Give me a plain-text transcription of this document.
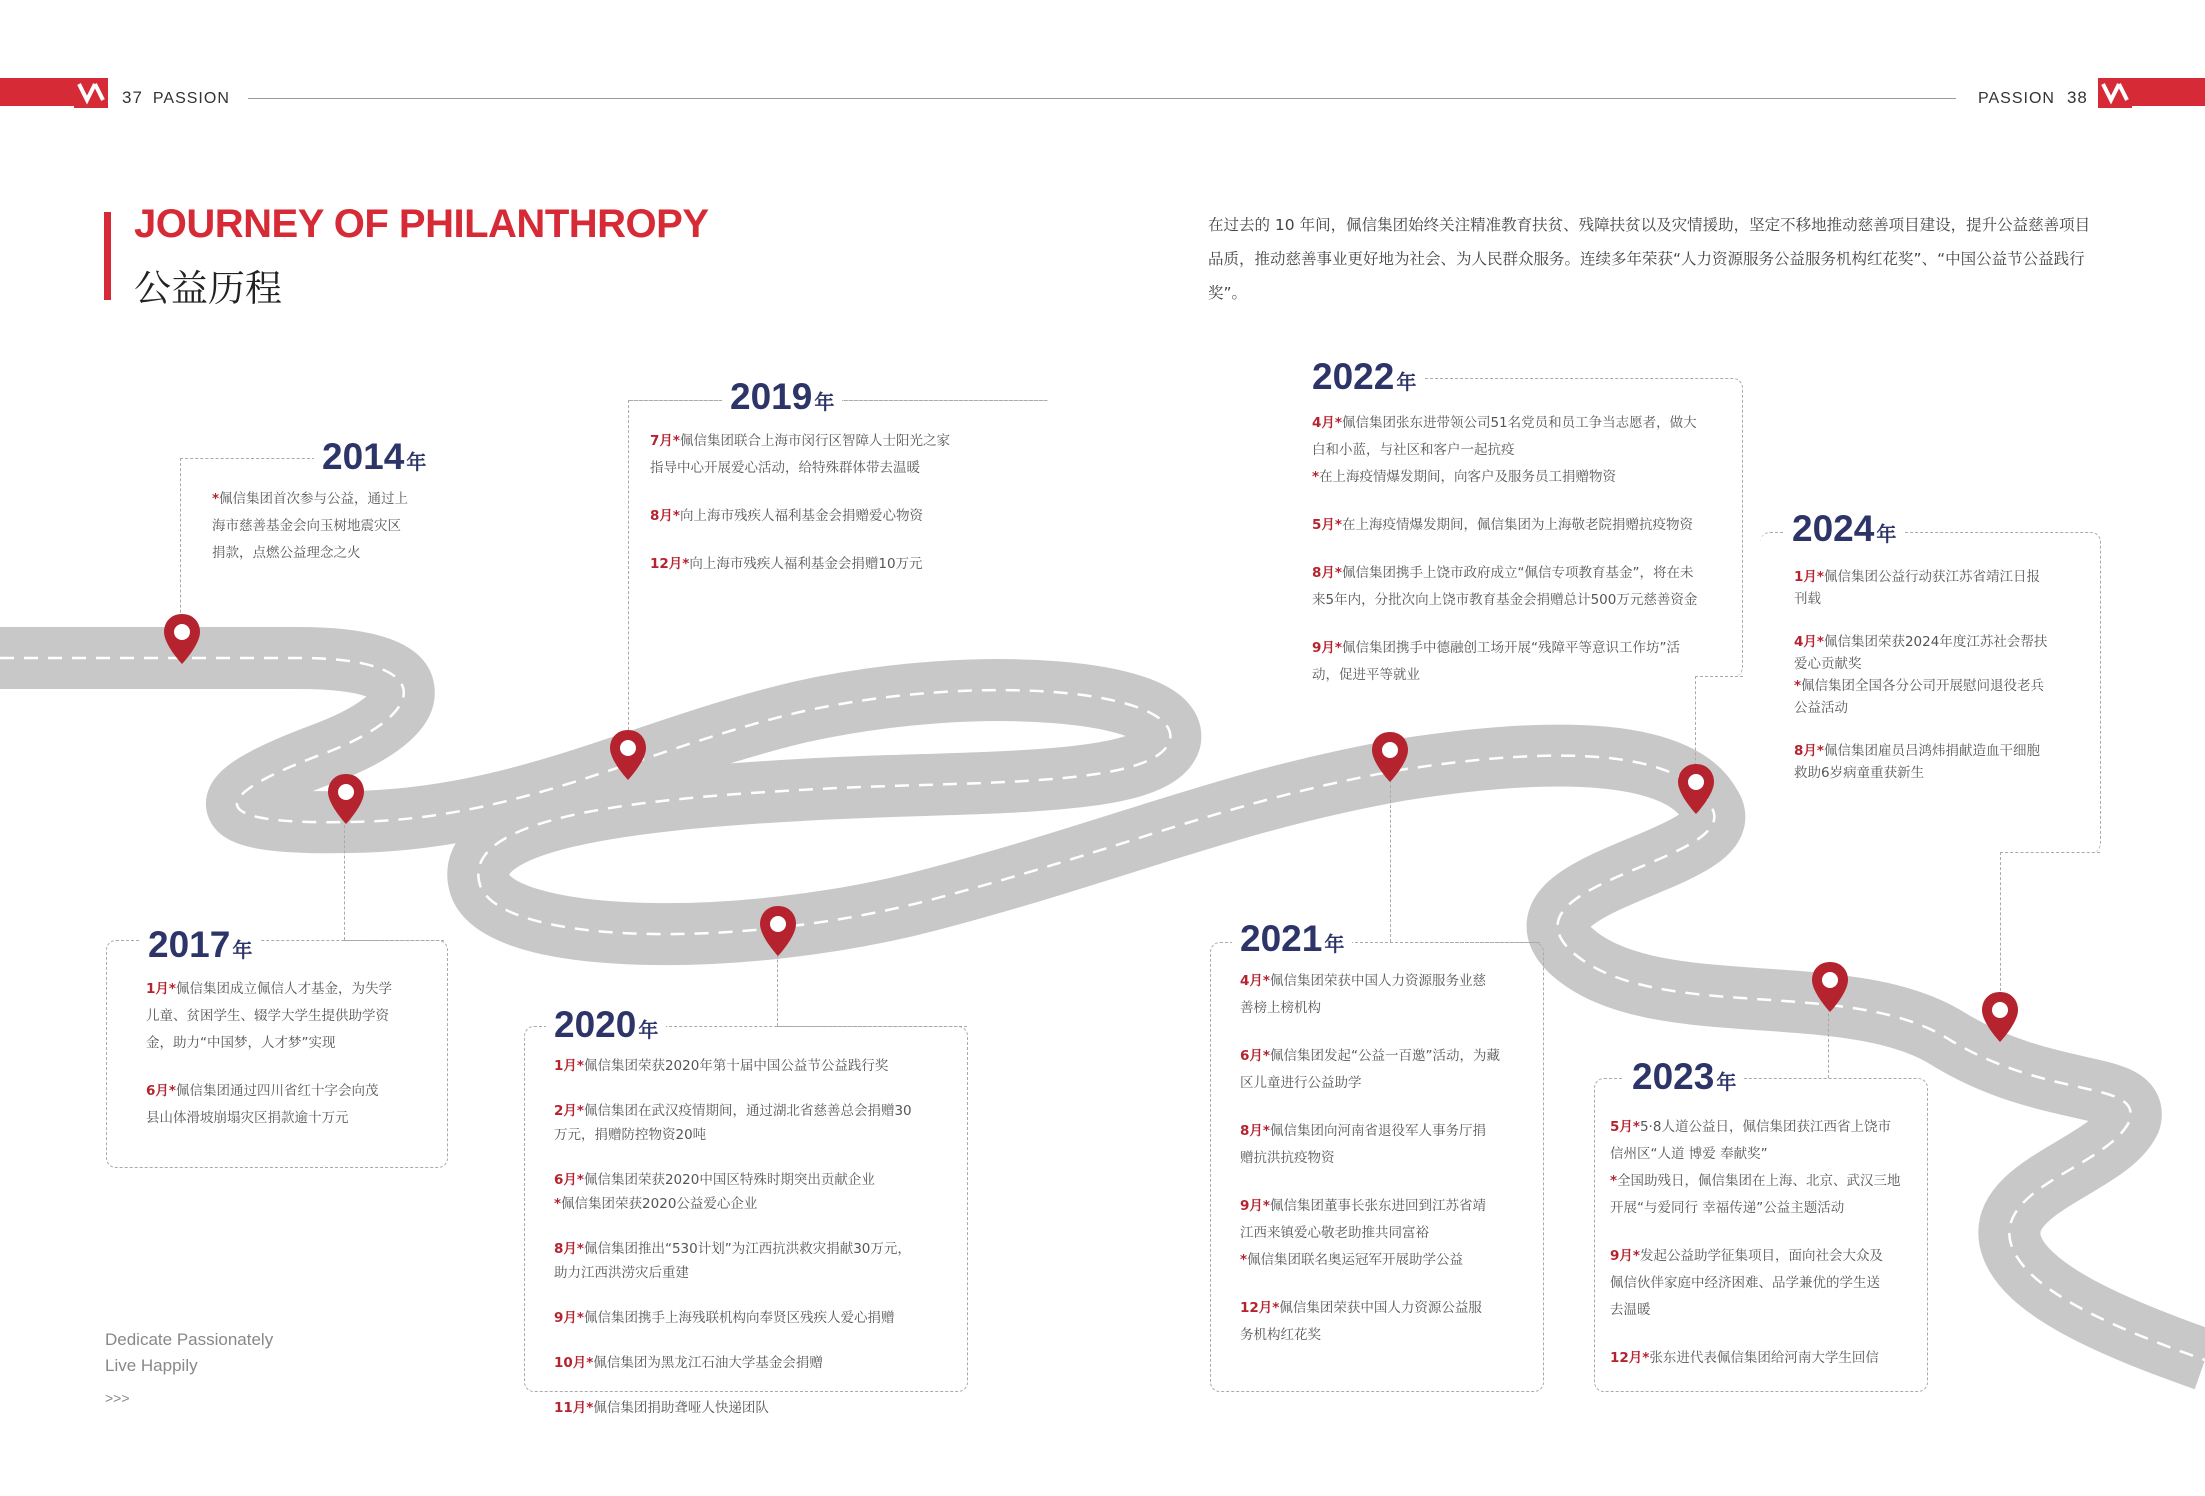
37 PASSION	PASSION 38
JOURNEY OF PHILANTHROPY
公益历程
在过去的 10 年间，佩信集团始终关注精准教育扶贫、残障扶贫以及灾情援助，坚定不移地推动慈善项目建设，提升公益慈善项目品质，推动慈善事业更好地为社会、为人民群众服务。连续多年荣获“人力资源服务公益服务机构红花奖”、“中国公益节公益践行奖”。
2014 年
2017 年
2019 年
2020 年
2021 年
2022 年
2023 年
2024 年
*佩信集团首次参与公益，通过上
海市慈善基金会向玉树地震灾区
捐款，点燃公益理念之火
1月*佩信集团成立佩信人才基金，为失学
儿童、贫困学生、辍学大学生提供助学资
金，助力“中国梦，人才梦”实现
6月*佩信集团通过四川省红十字会向茂
县山体滑坡崩塌灾区捐款逾十万元
7月*佩信集团联合上海市闵行区智障人士阳光之家
指导中心开展爱心活动，给特殊群体带去温暖
8月*向上海市残疾人福利基金会捐赠爱心物资
12月*向上海市残疾人福利基金会捐赠10万元
1月*佩信集团荣获2020年第十届中国公益节公益践行奖
2月*佩信集团在武汉疫情期间，通过湖北省慈善总会捐赠30
万元，捐赠防控物资20吨
6月*佩信集团荣获2020中国区特殊时期突出贡献企业
*佩信集团荣获2020公益爱心企业
8月*佩信集团推出“530计划”为江西抗洪救灾捐献30万元，
助力江西洪涝灾后重建
9月*佩信集团携手上海残联机构向奉贤区残疾人爱心捐赠
10月*佩信集团为黑龙江石油大学基金会捐赠
11月*佩信集团捐助聋哑人快递团队
4月*佩信集团荣获中国人力资源服务业慈
善榜上榜机构
6月*佩信集团发起“公益一百邀”活动，为藏
区儿童进行公益助学
8月*佩信集团向河南省退役军人事务厅捐
赠抗洪抗疫物资
9月*佩信集团董事长张东进回到江苏省靖
江西来镇爱心敬老助推共同富裕
*佩信集团联名奥运冠军开展助学公益
12月*佩信集团荣获中国人力资源公益服
务机构红花奖
4月*佩信集团张东进带领公司51名党员和员工争当志愿者，做大
白和小蓝，与社区和客户一起抗疫
*在上海疫情爆发期间，向客户及服务员工捐赠物资
5月*在上海疫情爆发期间，佩信集团为上海敬老院捐赠抗疫物资
8月*佩信集团携手上饶市政府成立“佩信专项教育基金”，将在未
来5年内，分批次向上饶市教育基金会捐赠总计500万元慈善资金
9月*佩信集团携手中德融创工场开展“残障平等意识工作坊”活
动，促进平等就业
5月*5·8人道公益日，佩信集团获江西省上饶市
信州区“人道 博爱 奉献奖”
*全国助残日，佩信集团在上海、北京、武汉三地
开展“与爱同行 幸福传递”公益主题活动
9月*发起公益助学征集项目，面向社会大众及
佩信伙伴家庭中经济困难、品学兼优的学生送
去温暖
12月*张东进代表佩信集团给河南大学生回信
1月*佩信集团公益行动获江苏省靖江日报
刊载
4月*佩信集团荣获2024年度江苏社会帮扶
爱心贡献奖
*佩信集团全国各分公司开展慰问退役老兵
公益活动
8月*佩信集团雇员吕鸿炜捐献造血干细胞
救助6岁病童重获新生
Dedicate Passionately
Live Happily
>>>
